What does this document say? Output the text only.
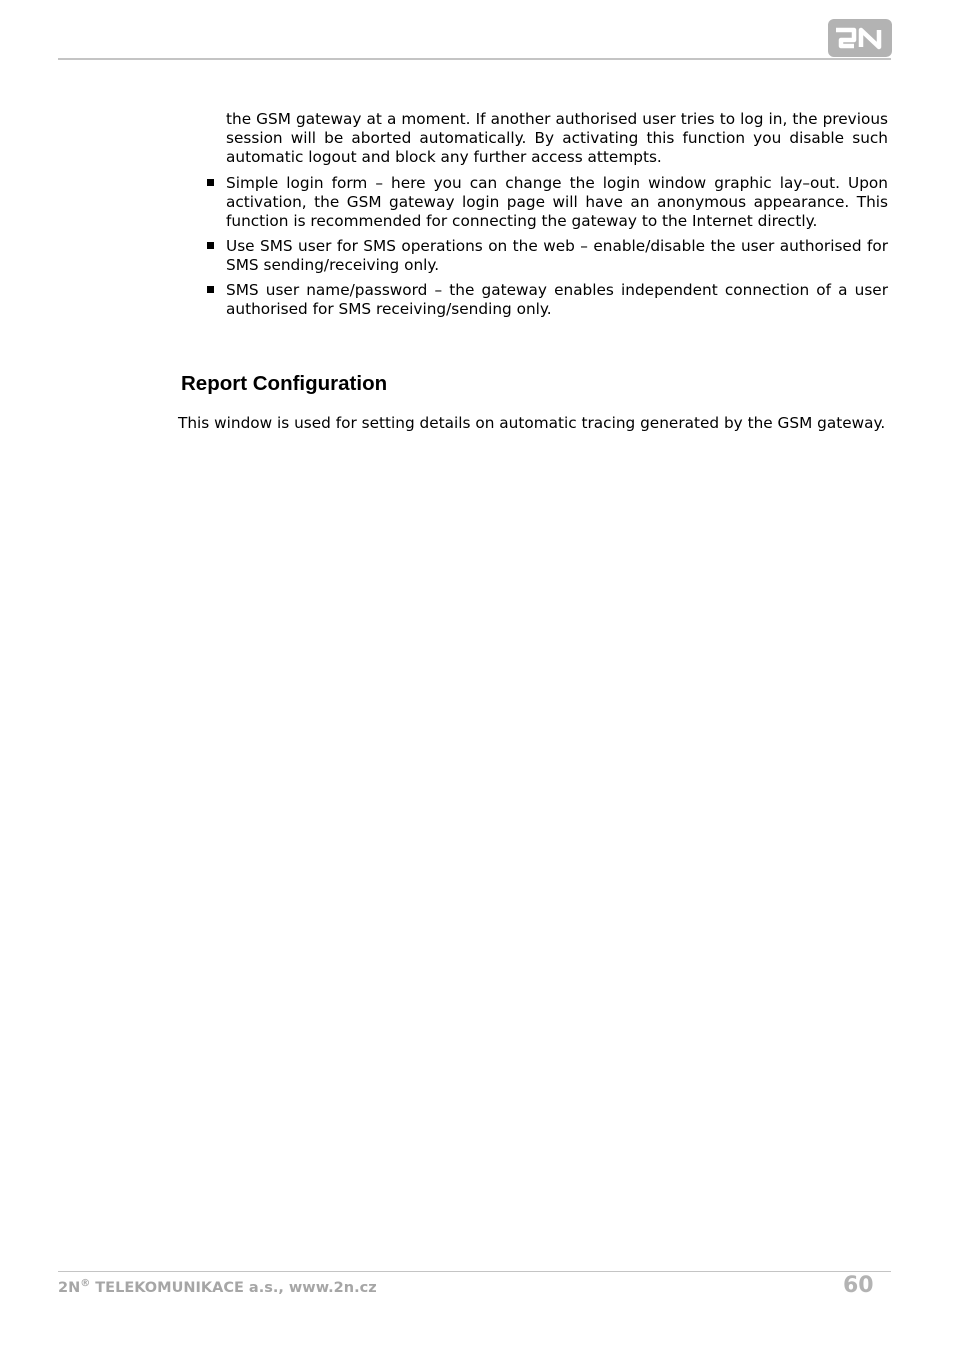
the GSM gateway at a moment. If another authorised user tries to log in, the previous session will be aborted automatically. By activating this function you disable such automatic logout and block any further access attempts.

Simple login form – here you can change the login window graphic lay–out. Upon activation, the GSM gateway login page will have an anonymous appearance. This function is recommended for connecting the gateway to the Internet directly.
Use SMS user for SMS operations on the web – enable/disable the user authorised for SMS sending/receiving only.
SMS user name/password – the gateway enables independent connection of a user authorised for SMS receiving/sending only.
Report Configuration

This window is used for setting details on automatic tracing generated by the GSM gateway.

2N® TELEKOMUNIKACE a.s., www.2n.cz	60
